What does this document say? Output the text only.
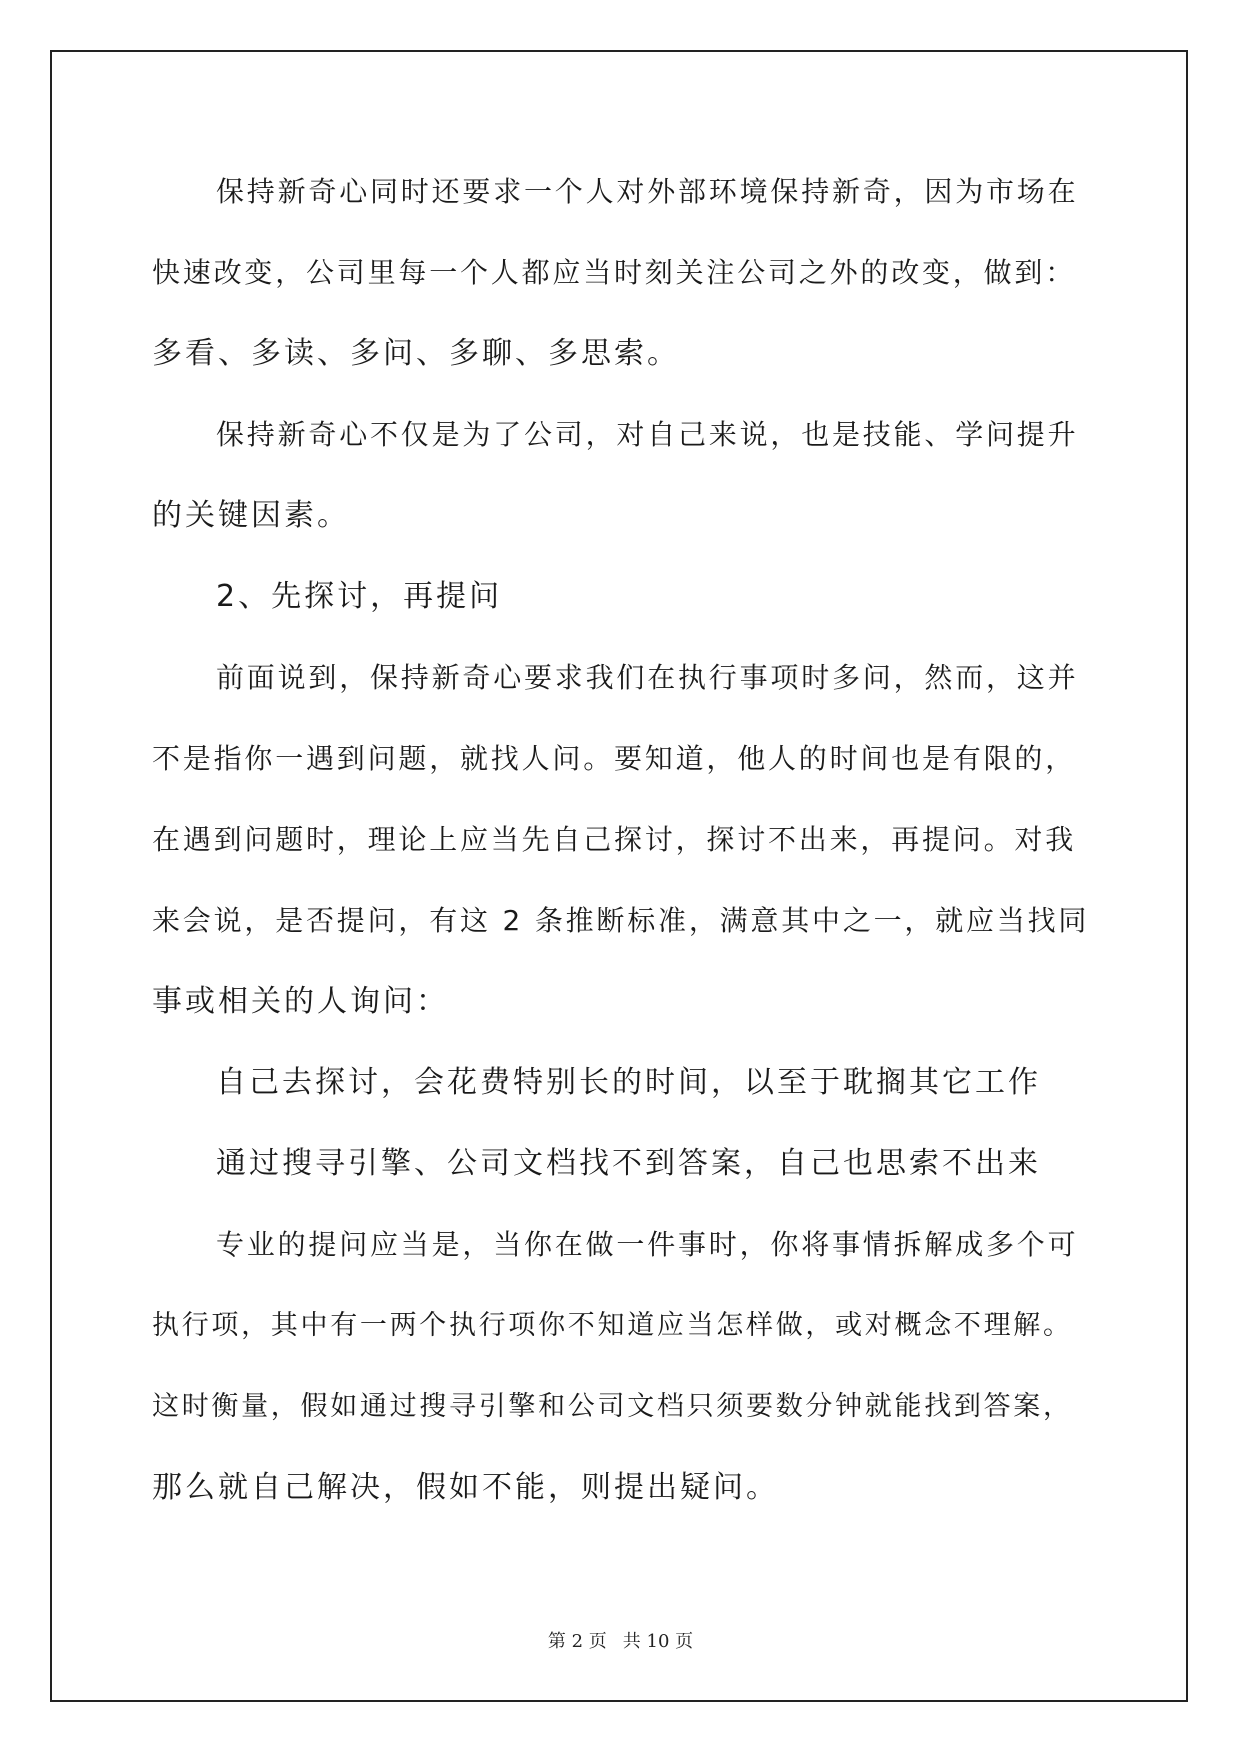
保持新奇心同时还要求一个人对外部环境保持新奇，因为市场在
快速改变，公司里每一个人都应当时刻关注公司之外的改变，做到：
多看、多读、多问、多聊、多思索。
保持新奇心不仅是为了公司，对自己来说，也是技能、学问提升
的关键因素。
2、先探讨，再提问
前面说到，保持新奇心要求我们在执行事项时多问，然而，这并
不是指你一遇到问题，就找人问。要知道，他人的时间也是有限的，
在遇到问题时，理论上应当先自己探讨，探讨不出来，再提问。对我
来会说，是否提问，有这 2 条推断标准，满意其中之一，就应当找同
事或相关的人询问：
自己去探讨，会花费特别长的时间，以至于耽搁其它工作
通过搜寻引擎、公司文档找不到答案，自己也思索不出来
专业的提问应当是，当你在做一件事时，你将事情拆解成多个可
执行项，其中有一两个执行项你不知道应当怎样做，或对概念不理解。
这时衡量，假如通过搜寻引擎和公司文档只须要数分钟就能找到答案，
那么就自己解决，假如不能，则提出疑问。
第 2 页 共 10 页
